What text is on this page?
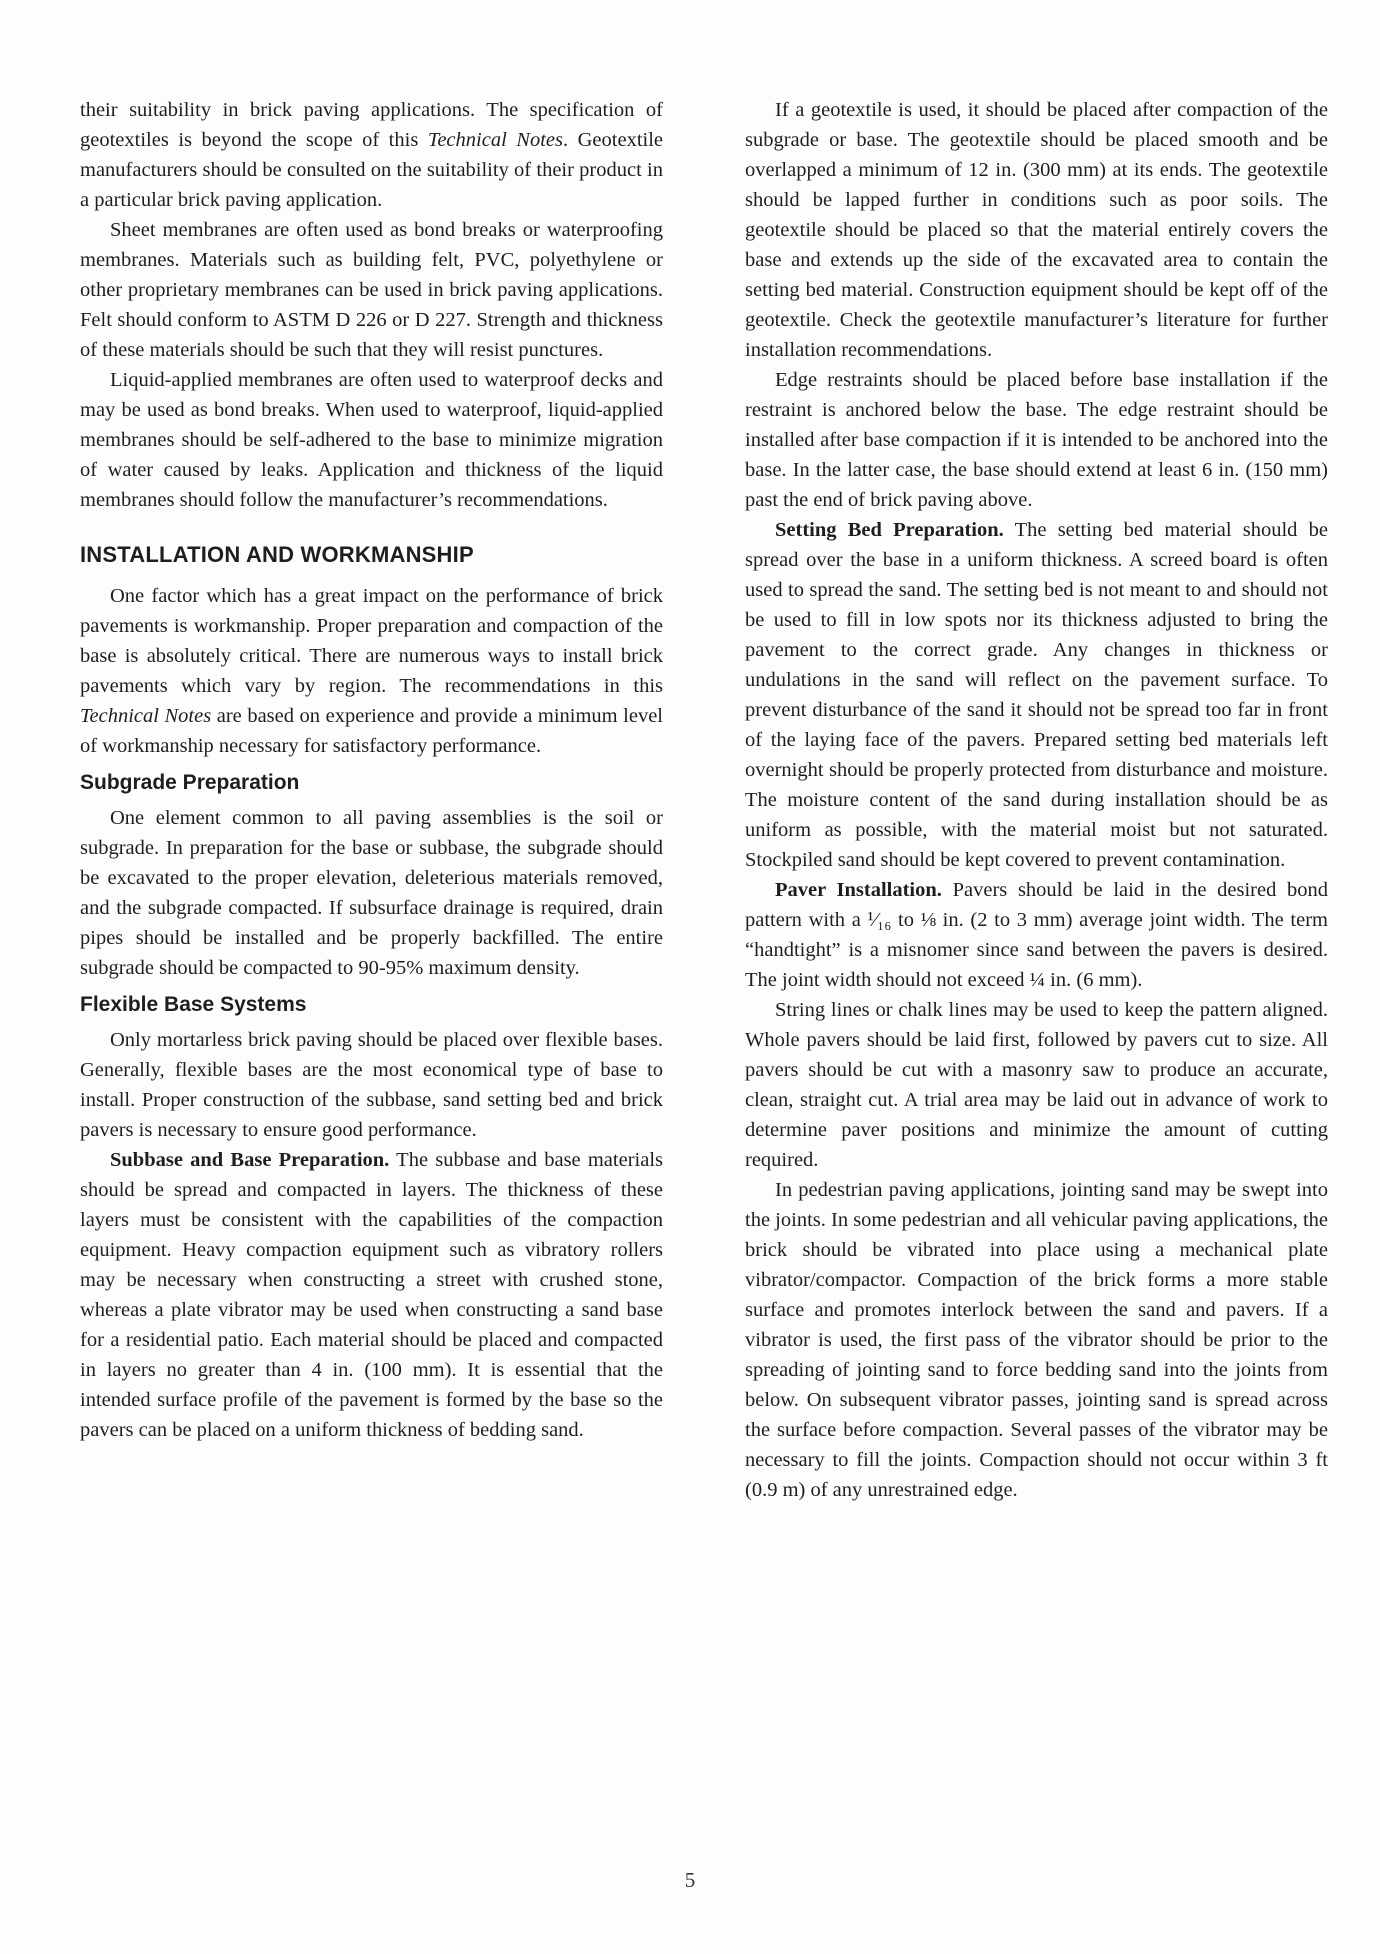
their suitability in brick paving applications. The specification of geotextiles is beyond the scope of this Technical Notes. Geotextile manufacturers should be consulted on the suitability of their product in a particular brick paving application.

Sheet membranes are often used as bond breaks or waterproofing membranes. Materials such as building felt, PVC, polyethylene or other proprietary membranes can be used in brick paving applications. Felt should conform to ASTM D 226 or D 227. Strength and thickness of these materials should be such that they will resist punctures.

Liquid-applied membranes are often used to waterproof decks and may be used as bond breaks. When used to waterproof, liquid-applied membranes should be self-adhered to the base to minimize migration of water caused by leaks. Application and thickness of the liquid membranes should follow the manufacturer’s recommendations.

INSTALLATION AND WORKMANSHIP

One factor which has a great impact on the performance of brick pavements is workmanship. Proper preparation and compaction of the base is absolutely critical. There are numerous ways to install brick pavements which vary by region. The recommendations in this Technical Notes are based on experience and provide a minimum level of workmanship necessary for satisfactory performance.

Subgrade Preparation

One element common to all paving assemblies is the soil or subgrade. In preparation for the base or subbase, the subgrade should be excavated to the proper elevation, deleterious materials removed, and the subgrade compacted. If subsurface drainage is required, drain pipes should be installed and be properly backfilled. The entire subgrade should be compacted to 90-95% maximum density.

Flexible Base Systems

Only mortarless brick paving should be placed over flexible bases. Generally, flexible bases are the most economical type of base to install. Proper construction of the subbase, sand setting bed and brick pavers is necessary to ensure good performance.

Subbase and Base Preparation. The subbase and base materials should be spread and compacted in layers. The thickness of these layers must be consistent with the capabilities of the compaction equipment. Heavy compaction equipment such as vibratory rollers may be necessary when constructing a street with crushed stone, whereas a plate vibrator may be used when constructing a sand base for a residential patio. Each material should be placed and compacted in layers no greater than 4 in. (100 mm). It is essential that the intended surface profile of the pavement is formed by the base so the pavers can be placed on a uniform thickness of bedding sand.

If a geotextile is used, it should be placed after compaction of the subgrade or base. The geotextile should be placed smooth and be overlapped a minimum of 12 in. (300 mm) at its ends. The geotextile should be lapped further in conditions such as poor soils. The geotextile should be placed so that the material entirely covers the base and extends up the side of the excavated area to contain the setting bed material. Construction equipment should be kept off of the geotextile. Check the geotextile manufacturer’s literature for further installation recommendations.

Edge restraints should be placed before base installation if the restraint is anchored below the base. The edge restraint should be installed after base compaction if it is intended to be anchored into the base. In the latter case, the base should extend at least 6 in. (150 mm) past the end of brick paving above.

Setting Bed Preparation. The setting bed material should be spread over the base in a uniform thickness. A screed board is often used to spread the sand. The setting bed is not meant to and should not be used to fill in low spots nor its thickness adjusted to bring the pavement to the correct grade. Any changes in thickness or undulations in the sand will reflect on the pavement surface. To prevent disturbance of the sand it should not be spread too far in front of the laying face of the pavers. Prepared setting bed materials left overnight should be properly protected from disturbance and moisture. The moisture content of the sand during installation should be as uniform as possible, with the material moist but not saturated. Stockpiled sand should be kept covered to prevent contamination.

Paver Installation. Pavers should be laid in the desired bond pattern with a ¹⁄₁₆ to ⅛ in. (2 to 3 mm) average joint width. The term “handtight” is a misnomer since sand between the pavers is desired. The joint width should not exceed ¼ in. (6 mm).

String lines or chalk lines may be used to keep the pattern aligned. Whole pavers should be laid first, followed by pavers cut to size. All pavers should be cut with a masonry saw to produce an accurate, clean, straight cut. A trial area may be laid out in advance of work to determine paver positions and minimize the amount of cutting required.

In pedestrian paving applications, jointing sand may be swept into the joints. In some pedestrian and all vehicular paving applications, the brick should be vibrated into place using a mechanical plate vibrator/compactor. Compaction of the brick forms a more stable surface and promotes interlock between the sand and pavers. If a vibrator is used, the first pass of the vibrator should be prior to the spreading of jointing sand to force bedding sand into the joints from below. On subsequent vibrator passes, jointing sand is spread across the surface before compaction. Several passes of the vibrator may be necessary to fill the joints. Compaction should not occur within 3 ft (0.9 m) of any unrestrained edge.

5
